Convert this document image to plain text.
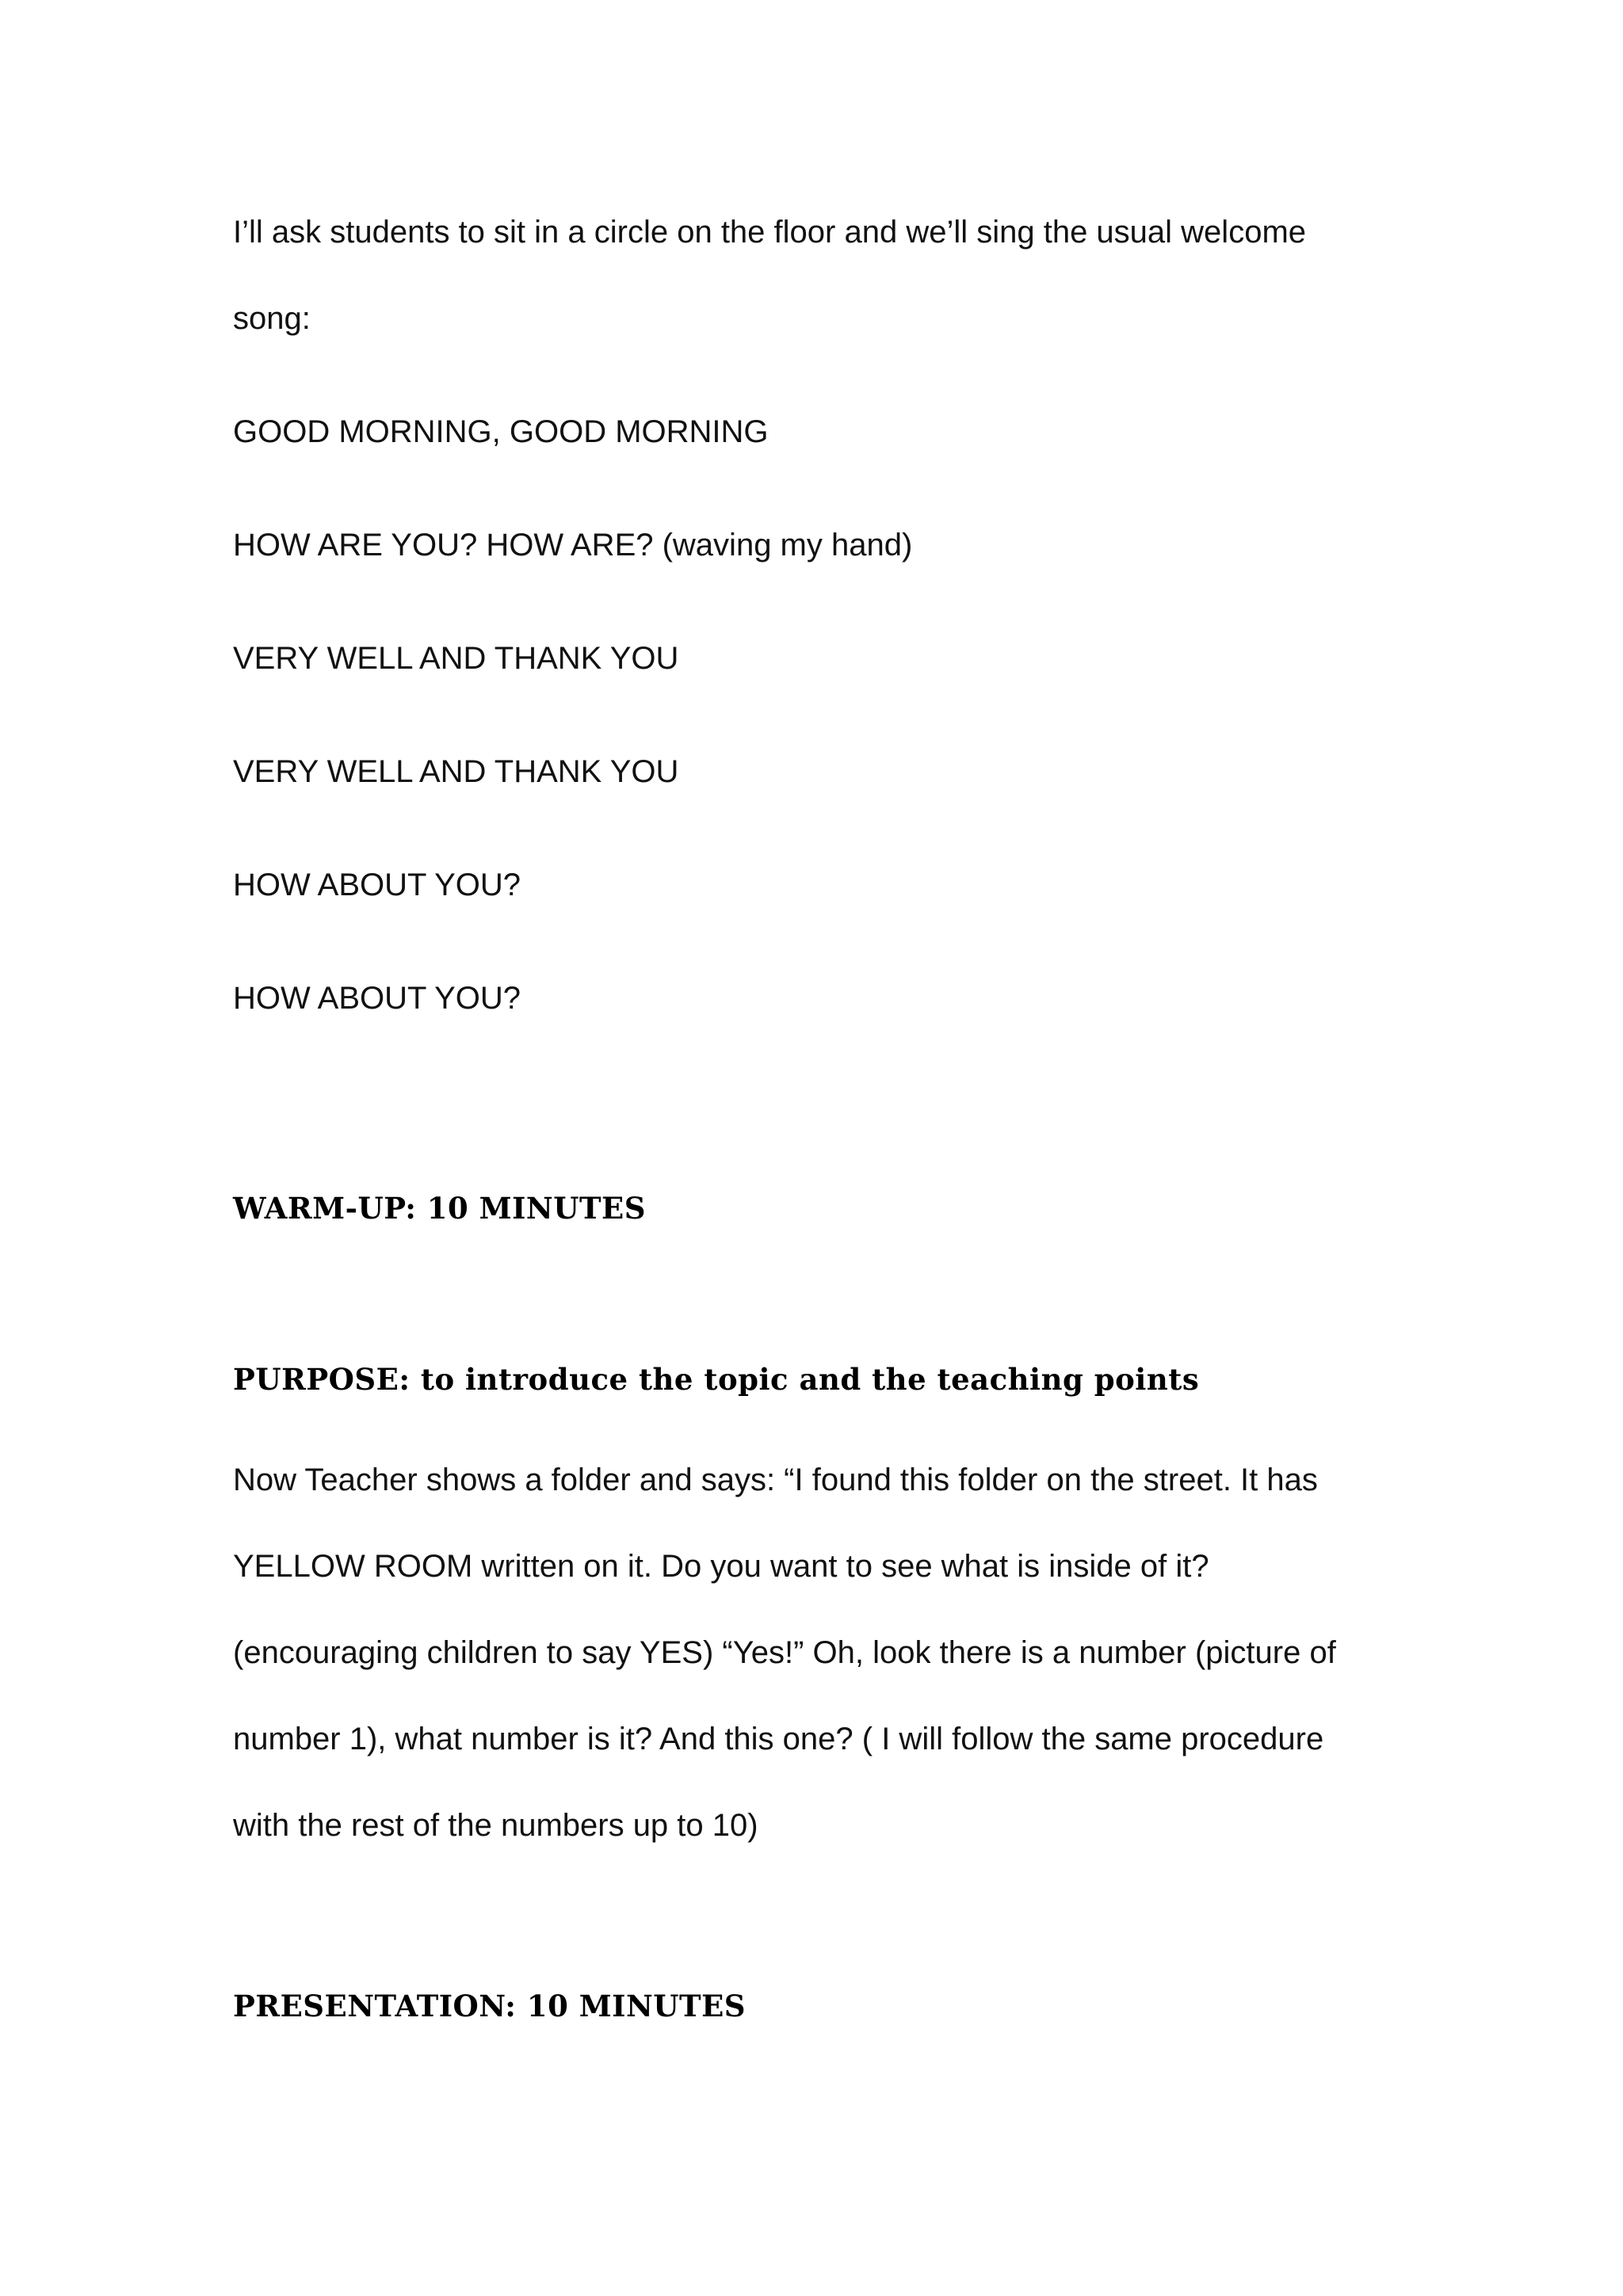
I’ll ask students to sit in a circle on the floor and we’ll sing the usual welcome
song:
GOOD MORNING, GOOD MORNING
HOW ARE YOU? HOW ARE? (waving my hand)
VERY WELL AND THANK YOU
VERY WELL AND THANK YOU
HOW ABOUT YOU?
HOW ABOUT YOU?
WARM-UP: 10 MINUTES
PURPOSE: to introduce the topic and the teaching points
Now Teacher shows a folder and says: “I found this folder on the street. It has
YELLOW ROOM written on it. Do you want to see what is inside of it?
(encouraging children to say YES) “Yes!” Oh, look there is a number (picture of
number 1), what number is it? And this one? ( I will follow the same procedure
with the rest of the numbers up to 10)
PRESENTATION: 10 MINUTES
